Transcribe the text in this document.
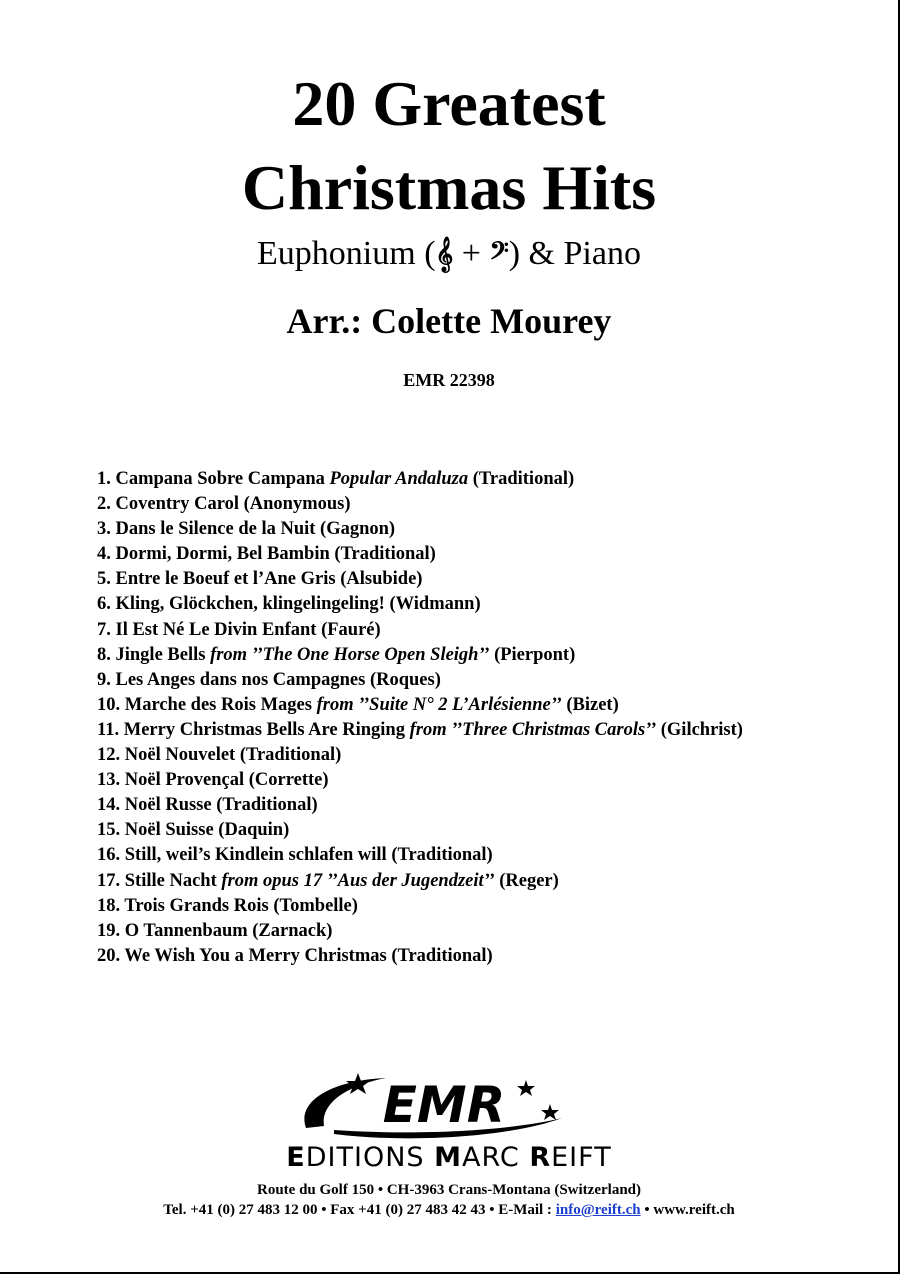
20 Greatest
Christmas Hits
Euphonium (𝄞 + 𝄢) & Piano
Arr.: Colette Mourey
EMR 22398
1. Campana Sobre Campana Popular Andaluza (Traditional)
2. Coventry Carol (Anonymous)
3. Dans le Silence de la Nuit (Gagnon)
4. Dormi, Dormi, Bel Bambin (Traditional)
5. Entre le Boeuf et l’Ane Gris (Alsubide)
6. Kling, Glöckchen, klingelingeling! (Widmann)
7. Il Est Né Le Divin Enfant (Fauré)
8. Jingle Bells from ’’The One Horse Open Sleigh’’ (Pierpont)
9. Les Anges dans nos Campagnes (Roques)
10. Marche des Rois Mages from ’’Suite N° 2 L’Arlésienne’’ (Bizet)
11. Merry Christmas Bells Are Ringing from ’’Three Christmas Carols’’ (Gilchrist)
12. Noël Nouvelet (Traditional)
13. Noël Provençal (Corrette)
14. Noël Russe (Traditional)
15. Noël Suisse (Daquin)
16. Still, weil’s Kindlein schlafen will (Traditional)
17. Stille Nacht from opus 17 ’’Aus der Jugendzeit’’ (Reger)
18. Trois Grands Rois (Tombelle)
19. O Tannenbaum (Zarnack)
20. We Wish You a Merry Christmas (Traditional)
EMR
EDITIONS MARC REIFT
Route du Golf 150 • CH-3963 Crans-Montana (Switzerland)
Tel. +41 (0) 27 483 12 00 • Fax +41 (0) 27 483 42 43 • E-Mail : info@reift.ch • www.reift.ch
